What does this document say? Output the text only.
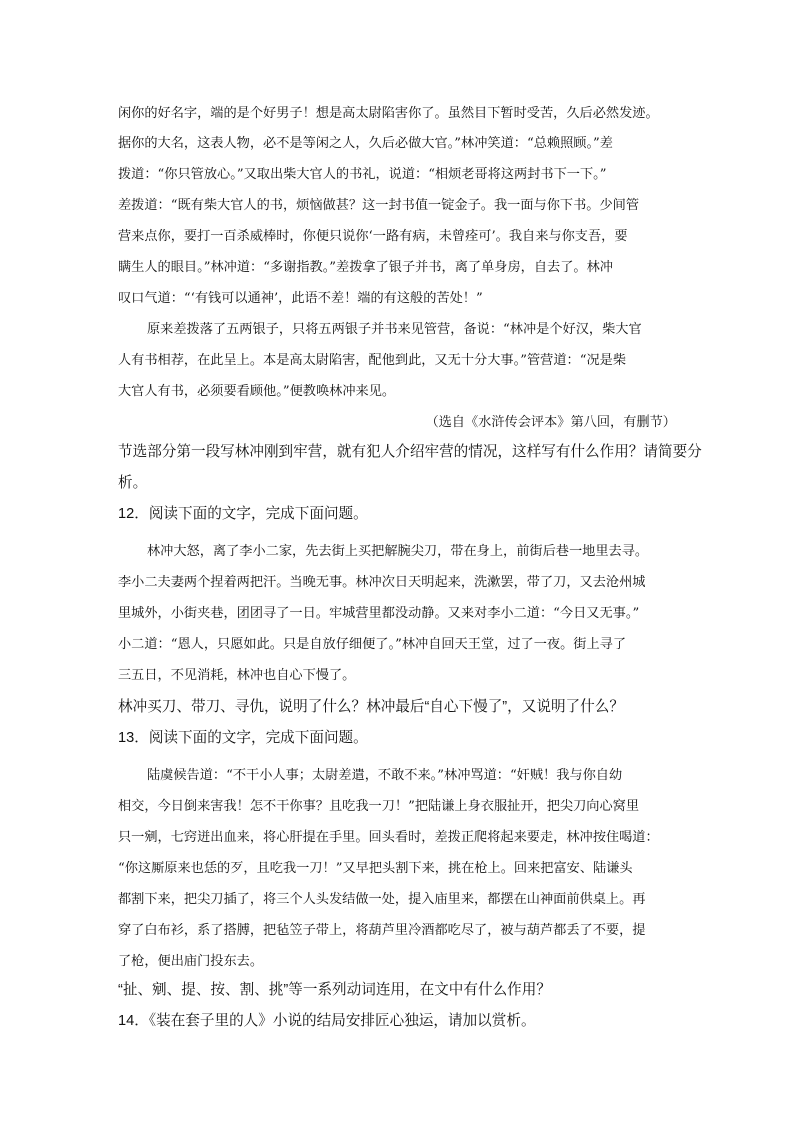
闲你的好名字，端的是个好男子！想是高太尉陷害你了。虽然目下暂时受苦，久后必然发迹。
据你的大名，这表人物，必不是等闲之人，久后必做大官。”林冲笑道：“总赖照顾。”差
拨道：“你只管放心。”又取出柴大官人的书礼，说道：“相烦老哥将这两封书下一下。”
差拨道：“既有柴大官人的书，烦恼做甚？这一封书值一锭金子。我一面与你下书。少间管
营来点你，要打一百杀威棒时，你便只说你‘一路有病，未曾痊可’。我自来与你支吾，要
瞒生人的眼目。”林冲道：“多谢指教。”差拨拿了银子并书，离了单身房，自去了。林冲
叹口气道：“‘有钱可以通神’，此语不差！端的有这般的苦处！”
原来差拨落了五两银子，只将五两银子并书来见管营，备说：“林冲是个好汉，柴大官
人有书相荐，在此呈上。本是高太尉陷害，配他到此，又无十分大事。”管营道：“况是柴
大官人有书，必须要看顾他。”便教唤林冲来见。
（选自《水浒传会评本》第八回，有删节）
节选部分第一段写林冲刚到牢营，就有犯人介绍牢营的情况，这样写有什么作用？请简要分
析。
12．阅读下面的文字，完成下面问题。
林冲大怒，离了李小二家，先去街上买把解腕尖刀，带在身上，前街后巷一地里去寻。
李小二夫妻两个捏着两把汗。当晚无事。林冲次日天明起来，洗漱罢，带了刀，又去沧州城
里城外，小街夹巷，团团寻了一日。牢城营里都没动静。又来对李小二道：“今日又无事。”
小二道：“恩人，只愿如此。只是自放仔细便了。”林冲自回天王堂，过了一夜。街上寻了
三五日，不见消耗，林冲也自心下慢了。
林冲买刀、带刀、寻仇，说明了什么？林冲最后“自心下慢了”，又说明了什么？
13．阅读下面的文字，完成下面问题。
陆虞候告道：“不干小人事；太尉差遣，不敢不来。”林冲骂道：“奸贼！我与你自幼
相交，今日倒来害我！怎不干你事？且吃我一刀！”把陆谦上身衣服扯开，把尖刀向心窝里
只一剜，七窍迸出血来，将心肝提在手里。回头看时，差拨正爬将起来要走，林冲按住喝道：
“你这厮原来也恁的歹，且吃我一刀！”又早把头割下来，挑在枪上。回来把富安、陆谦头
都割下来，把尖刀插了，将三个人头发结做一处，提入庙里来，都摆在山神面前供桌上。再
穿了白布衫，系了搭膊，把毡笠子带上，将葫芦里冷酒都吃尽了，被与葫芦都丢了不要，提
了枪，便出庙门投东去。
“扯、剜、提、按、割、挑”等一系列动词连用，在文中有什么作用？
14．《装在套子里的人》小说的结局安排匠心独运，请加以赏析。
